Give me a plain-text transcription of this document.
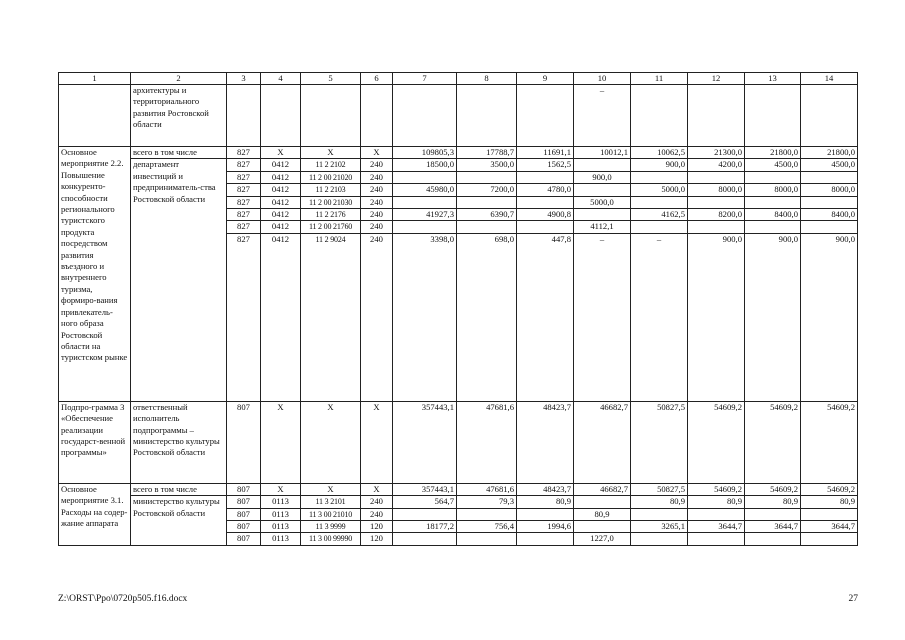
1	2	3	4	5	6	7	8	9	10	11	12	13	14
	архитектуры и территориального развития Ростовской области								–				
Основное мероприятие 2.2. Повышение конкуренто-способности регионального туристского продукта посредством развития въездного и внутреннего туризма, формиро-вания привлекатель-ного образа Ростовской области на туристском рынке	всего в том числе	827	Х	Х	Х	109805,3	17788,7	11691,1	10012,1	10062,5	21300,0	21800,0	21800,0
	департамент инвестиций и предприниматель-ства Ростовской области	827	0412	11 2 2102	240	18500,0	3500,0	1562,5		900,0	4200,0	4500,0	4500,0
		827	0412	11 2 00 21020	240				900,0				
		827	0412	11 2 2103	240	45980,0	7200,0	4780,0		5000,0	8000,0	8000,0	8000,0
		827	0412	11 2 00 21030	240				5000,0				
		827	0412	11 2 2176	240	41927,3	6390,7	4900,8		4162,5	8200,0	8400,0	8400,0
		827	0412	11 2 00 21760	240				4112,1				
		827	0412	11 2 9024	240	3398,0	698,0	447,8	–	–	900,0	900,0	900,0
Подпро-грамма 3 «Обеспечение реализации государст-венной программы»	ответственный исполнитель подпрограммы – министерство культуры Ростовской области	807	Х	Х	Х	357443,1	47681,6	48423,7	46682,7	50827,5	54609,2	54609,2	54609,2
Основное мероприятие 3.1. Расходы на содер-жание аппарата	всего в том числе	807	Х	Х	Х	357443,1	47681,6	48423,7	46682,7	50827,5	54609,2	54609,2	54609,2
	министерство культуры Ростовской области	807	0113	11 3 2101	240	564,7	79,3	80,9		80,9	80,9	80,9	80,9
		807	0113	11 3 00 21010	240				80,9				
		807	0113	11 3 9999	120	18177,2	756,4	1994,6		3265,1	3644,7	3644,7	3644,7
		807	0113	11 3 00 99990	120				1227,0				
Z:\ORST\Ppo\0720p505.f16.docx	27
